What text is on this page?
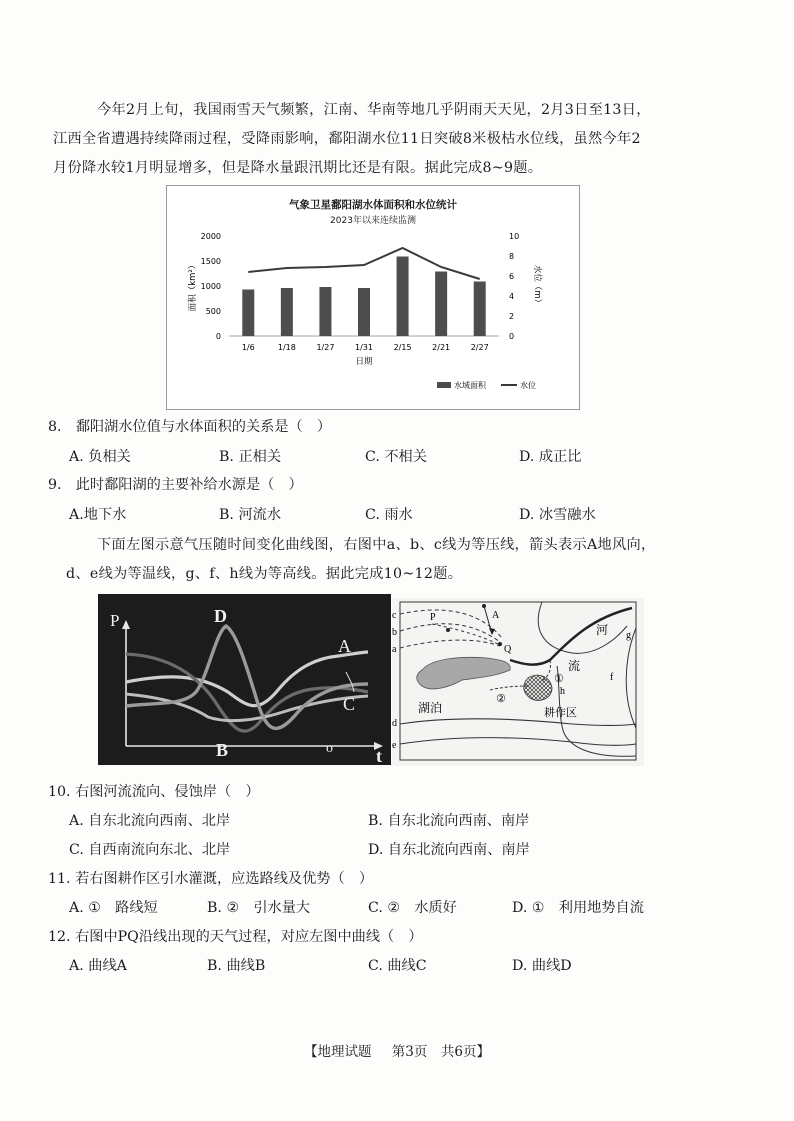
今年2月上旬，我国雨雪天气频繁，江南、华南等地几乎阴雨天天见，2月3日至13日，
江西全省遭遇持续降雨过程，受降雨影响，鄱阳湖水位11日突破8米极枯水位线，虽然今年2
月份降水较1月明显增多，但是降水量跟汛期比还是有限。据此完成8~9题。
气象卫星鄱阳湖水体面积和水位统计
2023年以来连续监测
0
500
1000
1500
2000
0
2
4
6
8
10
面积（km²）	水位（m）
1/6	1/18	1/27	1/31	2/15	2/21	2/27
日期
水域面积	水位
8.　鄱阳湖水位值与水体面积的关系是（　）
A. 负相关	B. 正相关	C. 不相关	D. 成正比
9.　此时鄱阳湖的主要补给水源是（　）
A.地下水	B. 河流水	C. 雨水	D. 冰雪融水
下面左图示意气压随时间变化曲线图，右图中a、b、c线为等压线，箭头表示A地风向，
d、e线为等温线，g、f、h线为等高线。据此完成10~12题。
P
t
o
A
B
C
D	c
b
a
d
e
P	A
Q
河
流
g
f
h
湖泊
①
②
耕作区
10. 右图河流流向、侵蚀岸（　）
A. 自东北流向西南、北岸	B. 自东北流向西南、南岸
C. 自西南流向东北、北岸	D. 自东北流向西南、南岸
11. 若右图耕作区引水灌溉，应选路线及优势（　）
A. ①　路线短	B. ②　引水量大	C. ②　水质好	D. ①　利用地势自流
12. 右图中PQ沿线出现的天气过程，对应左图中曲线（　）
A. 曲线A	B. 曲线B	C. 曲线C	D. 曲线D
【地理试题 第3页　共6页】
